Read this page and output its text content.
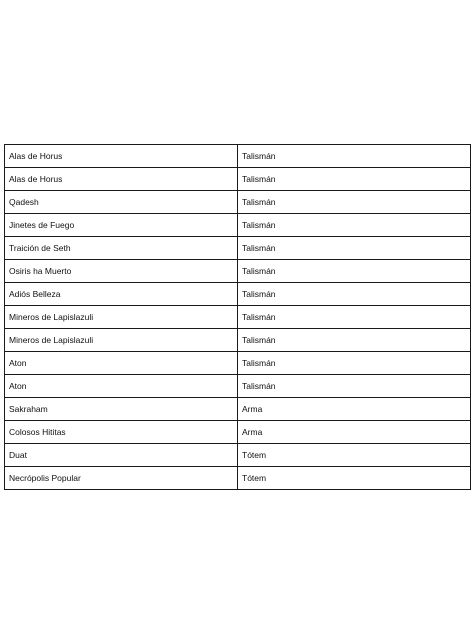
Alas de Horus	Talismán
Alas de Horus	Talismán
Qadesh	Talismán
Jinetes de Fuego	Talismán
Traición de Seth	Talismán
Osiris ha Muerto	Talismán
Adiós Belleza	Talismán
Mineros de Lapislazuli	Talismán
Mineros de Lapislazuli	Talismán
Aton	Talismán
Aton	Talismán
Sakraham	Arma
Colosos Hititas	Arma
Duat	Tótem
Necrópolis Popular	Tótem
